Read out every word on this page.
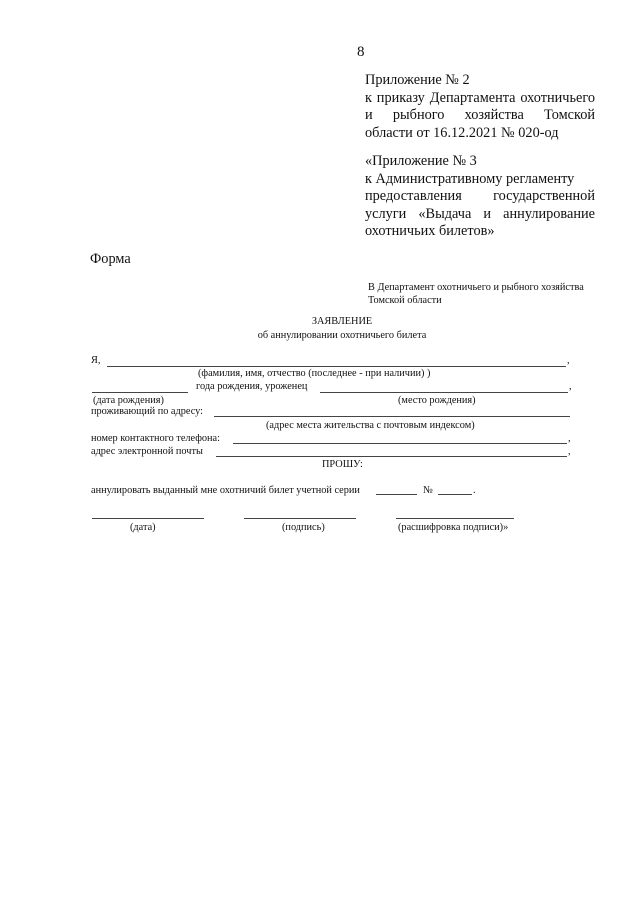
8
Приложение № 2
к приказу Департамента охотничьего
и рыбного хозяйства Томской
области от 16.12.2021 № 020-од
«Приложение № 3
к Административному регламенту
предоставления государственной
услуги «Выдача и аннулирование
охотничьих билетов»
Форма
В Департамент охотничьего и рыбного хозяйства
Томской области
ЗАЯВЛЕНИЕ
об аннулировании охотничьего билета
Я,	,
(фамилия, имя, отчество (последнее - при наличии) )
года рождения, уроженец	,
(дата рождения)	(место рождения)
проживающий по адресу:
(адрес места жительства с почтовым индексом)
номер контактного телефона:	,
адрес электронной почты	,
ПРОШУ:
аннулировать выданный мне охотничий билет учетной серии	№	.
(дата)	(подпись)	(расшифровка подписи)»
